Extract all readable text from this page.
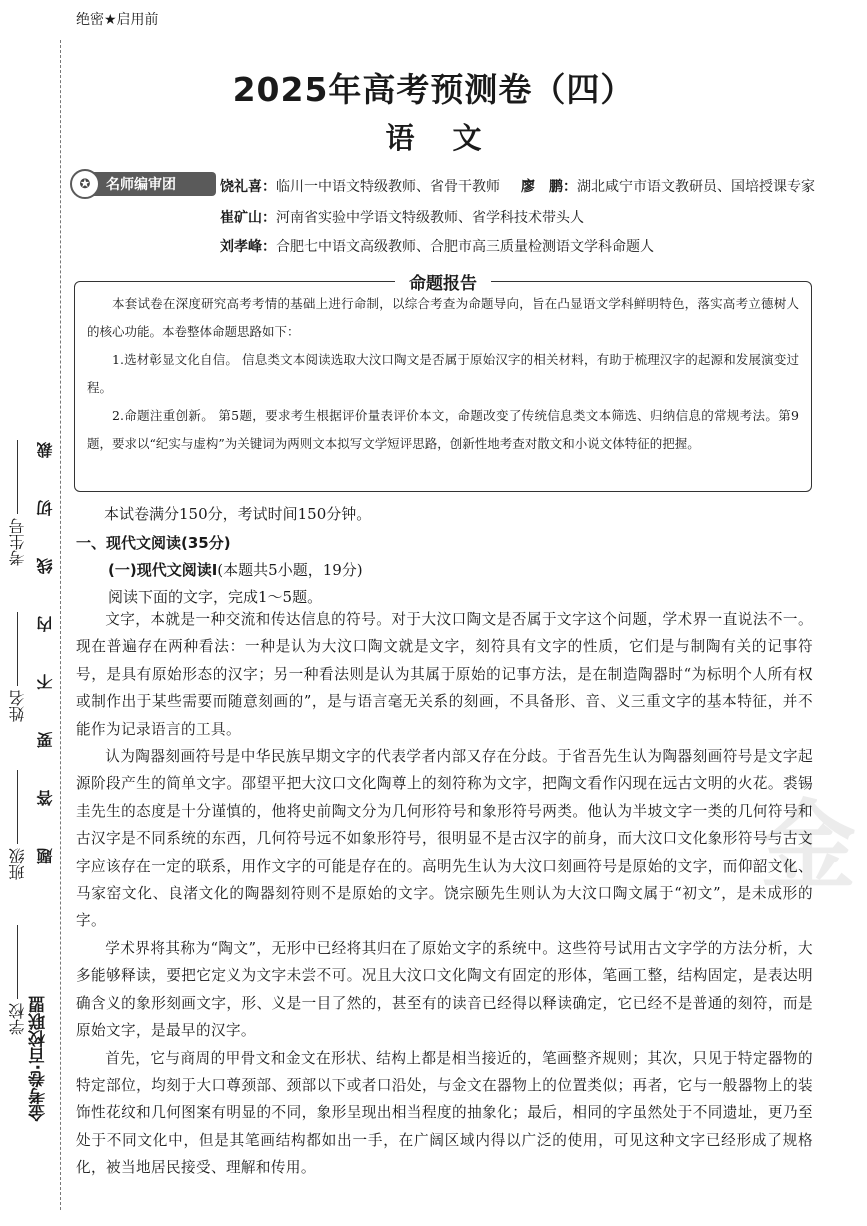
考生号
姓名
班级
学校
题答要不内线切裁
金考卷·百校联盟
绝密★启用前
2025年高考预测卷（四）
语 文
✪	名师编审团	饶礼喜：临川一中语文特级教师、省骨干教师 廖　鹏：湖北咸宁市语文教研员、国培授课专家
崔矿山：河南省实验中学语文特级教师、省学科技术带头人
刘孝峰：合肥七中语文高级教师、合肥市高三质量检测语文学科命题人
命题报告

本套试卷在深度研究高考考情的基础上进行命制，以综合考查为命题导向，旨在凸显语文学科鲜明特色，落实高考立德树人的核心功能。本卷整体命题思路如下：

1.选材彰显文化自信。 信息类文本阅读选取大汶口陶文是否属于原始汉字的相关材料，有助于梳理汉字的起源和发展演变过程。

2.命题注重创新。 第5题，要求考生根据评价量表评价本文，命题改变了传统信息类文本筛选、归纳信息的常规考法。第9题，要求以“纪实与虚构”为关键词为两则文本拟写文学短评思路，创新性地考查对散文和小说文体特征的把握。

本试卷满分150分，考试时间150分钟。
一、现代文阅读(35分)
(一)现代文阅读Ⅰ(本题共5小题，19分)
阅读下面的文字，完成1～5题。

文字，本就是一种交流和传达信息的符号。对于大汶口陶文是否属于文字这个问题，学术界一直说法不一。现在普遍存在两种看法：一种是认为大汶口陶文就是文字，刻符具有文字的性质，它们是与制陶有关的记事符号，是具有原始形态的汉字；另一种看法则是认为其属于原始的记事方法，是在制造陶器时“为标明个人所有权或制作出于某些需要而随意刻画的”，是与语言毫无关系的刻画，不具备形、音、义三重文字的基本特征，并不能作为记录语言的工具。

认为陶器刻画符号是中华民族早期文字的代表学者内部又存在分歧。于省吾先生认为陶器刻画符号是文字起源阶段产生的简单文字。邵望平把大汶口文化陶尊上的刻符称为文字，把陶文看作闪现在远古文明的火花。裘锡圭先生的态度是十分谨慎的，他将史前陶文分为几何形符号和象形符号两类。他认为半坡文字一类的几何符号和古汉字是不同系统的东西，几何符号远不如象形符号，很明显不是古汉字的前身，而大汶口文化象形符号与古文字应该存在一定的联系，用作文字的可能是存在的。高明先生认为大汶口刻画符号是原始的文字，而仰韶文化、马家窑文化、良渚文化的陶器刻符则不是原始的文字。饶宗颐先生则认为大汶口陶文属于“初文”，是未成形的字。

学术界将其称为“陶文”，无形中已经将其归在了原始文字的系统中。这些符号试用古文字学的方法分析，大多能够释读，要把它定义为文字未尝不可。况且大汶口文化陶文有固定的形体，笔画工整，结构固定，是表达明确含义的象形刻画文字，形、义是一目了然的，甚至有的读音已经得以释读确定，它已经不是普通的刻符，而是原始文字，是最早的汉字。

首先，它与商周的甲骨文和金文在形状、结构上都是相当接近的，笔画整齐规则；其次，只见于特定器物的特定部位，均刻于大口尊颈部、颈部以下或者口沿处，与金文在器物上的位置类似；再者，它与一般器物上的装饰性花纹和几何图案有明显的不同，象形呈现出相当程度的抽象化；最后，相同的字虽然处于不同遗址，更乃至处于不同文化中，但是其笔画结构都如出一手，在广阔区域内得以广泛的使用，可见这种文字已经形成了规格化，被当地居民接受、理解和传用。

金
